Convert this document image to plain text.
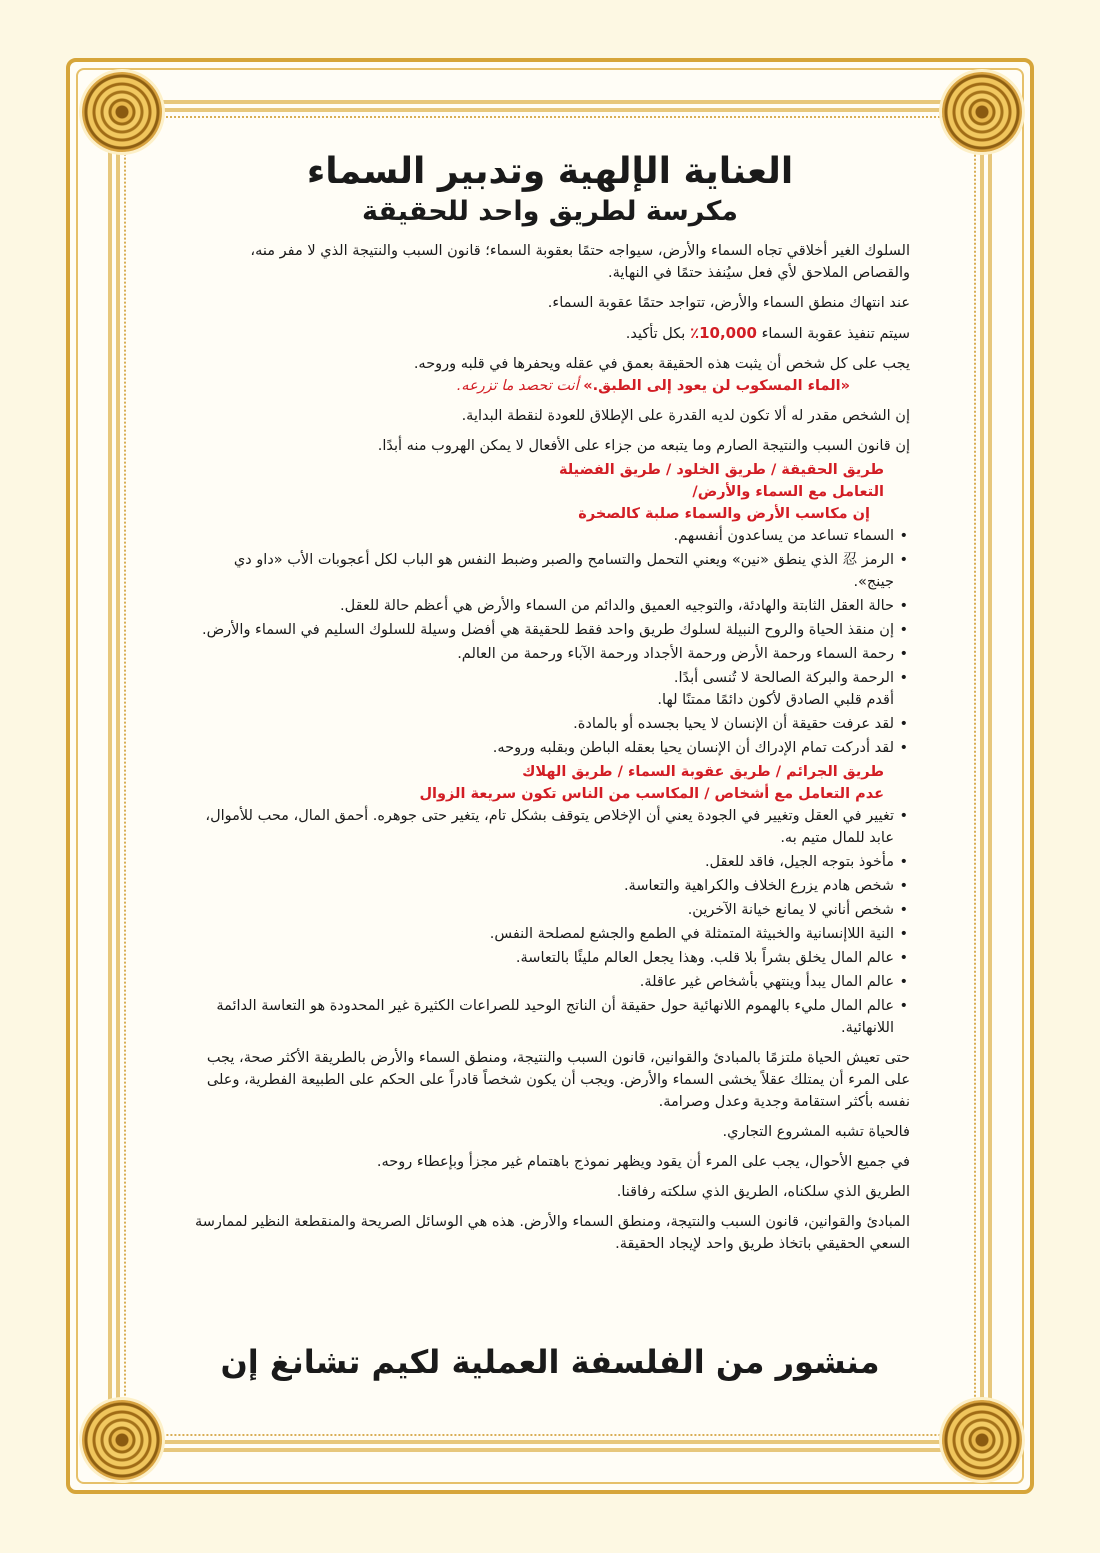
العناية الإلهية وتدبير السماء
مكرسة لطريق واحد للحقيقة

السلوك الغير أخلاقي تجاه السماء والأرض، سيواجه حتمًا بعقوبة السماء؛ قانون السبب والنتيجة الذي لا مفر منه، والقصاص الملاحق لأي فعل سيُنفذ حتمًا في النهاية.

عند انتهاك منطق السماء والأرض، تتواجد حتمًا عقوبة السماء.

سيتم تنفيذ عقوبة السماء 10,000٪ بكل تأكيد.

يجب على كل شخص أن يثبت هذه الحقيقة بعمق في عقله ويحفرها في قلبه وروحه.

«الماء المسكوب لن يعود إلى الطبق.» أنت تحصد ما تزرعه.

إن الشخص مقدر له ألا تكون لديه القدرة على الإطلاق للعودة لنقطة البداية.

إن قانون السبب والنتيجة الصارم وما يتبعه من جزاء على الأفعال لا يمكن الهروب منه أبدًا.

طريق الحقيقة / طريق الخلود / طريق الفضيلة

التعامل مع السماء والأرض/

إن مكاسب الأرض والسماء صلبة كالصخرة

• السماء تساعد من يساعدون أنفسهم.
• الرمز 忍 الذي ينطق «نين» ويعني التحمل والتسامح والصبر وضبط النفس هو الباب لكل أعجوبات الأب «داو دي جينج».
• حالة العقل الثابتة والهادئة، والتوجيه العميق والدائم من السماء والأرض هي أعظم حالة للعقل.
• إن منقذ الحياة والروح النبيلة لسلوك طريق واحد فقط للحقيقة هي أفضل وسيلة للسلوك السليم في السماء والأرض.
• رحمة السماء ورحمة الأرض ورحمة الأجداد ورحمة الآباء ورحمة من العالم.
• الرحمة والبركة الصالحة لا تُنسى أبدًا.
أقدم قلبي الصادق لأكون دائمًا ممتنًا لها.
• لقد عرفت حقيقة أن الإنسان لا يحيا بجسده أو بالمادة.
• لقد أدركت تمام الإدراك أن الإنسان يحيا بعقله الباطن وبقلبه وروحه.

طريق الجرائم / طريق عقوبة السماء / طريق الهلاك

عدم التعامل مع أشخاص / المكاسب من الناس تكون سريعة الزوال

• تغيير في العقل وتغيير في الجودة يعني أن الإخلاص يتوقف بشكل تام، يتغير حتى جوهره. أحمق المال، محب للأموال، عابد للمال متيم به.
• مأخوذ بتوجه الجيل، فاقد للعقل.
• شخص هادم يزرع الخلاف والكراهية والتعاسة.
• شخص أناني لا يمانع خيانة الآخرين.
• النية اللاإنسانية والخبيثة المتمثلة في الطمع والجشع لمصلحة النفس.
• عالم المال يخلق بشراً بلا قلب. وهذا يجعل العالم مليئًا بالتعاسة.
• عالم المال يبدأ وينتهي بأشخاص غير عاقلة.
• عالم المال مليء بالهموم اللانهائية حول حقيقة أن الناتج الوحيد للصراعات الكثيرة غير المحدودة هو التعاسة الدائمة اللانهائية.

حتى تعيش الحياة ملتزمًا بالمبادئ والقوانين، قانون السبب والنتيجة، ومنطق السماء والأرض بالطريقة الأكثر صحة، يجب على المرء أن يمتلك عقلاً يخشى السماء والأرض. ويجب أن يكون شخصاً قادراً على الحكم على الطبيعة الفطرية، وعلى نفسه بأكثر استقامة وجدية وعدل وصرامة.

فالحياة تشبه المشروع التجاري.

في جميع الأحوال، يجب على المرء أن يقود ويظهر نموذج باهتمام غير مجزأ وبإعطاء روحه.

الطريق الذي سلكناه، الطريق الذي سلكته رفاقنا.

المبادئ والقوانين، قانون السبب والنتيجة، ومنطق السماء والأرض. هذه هي الوسائل الصريحة والمنقطعة النظير لممارسة السعي الحقيقي باتخاذ طريق واحد لإيجاد الحقيقة.

منشور من الفلسفة العملية لكيم تشانغ إن
